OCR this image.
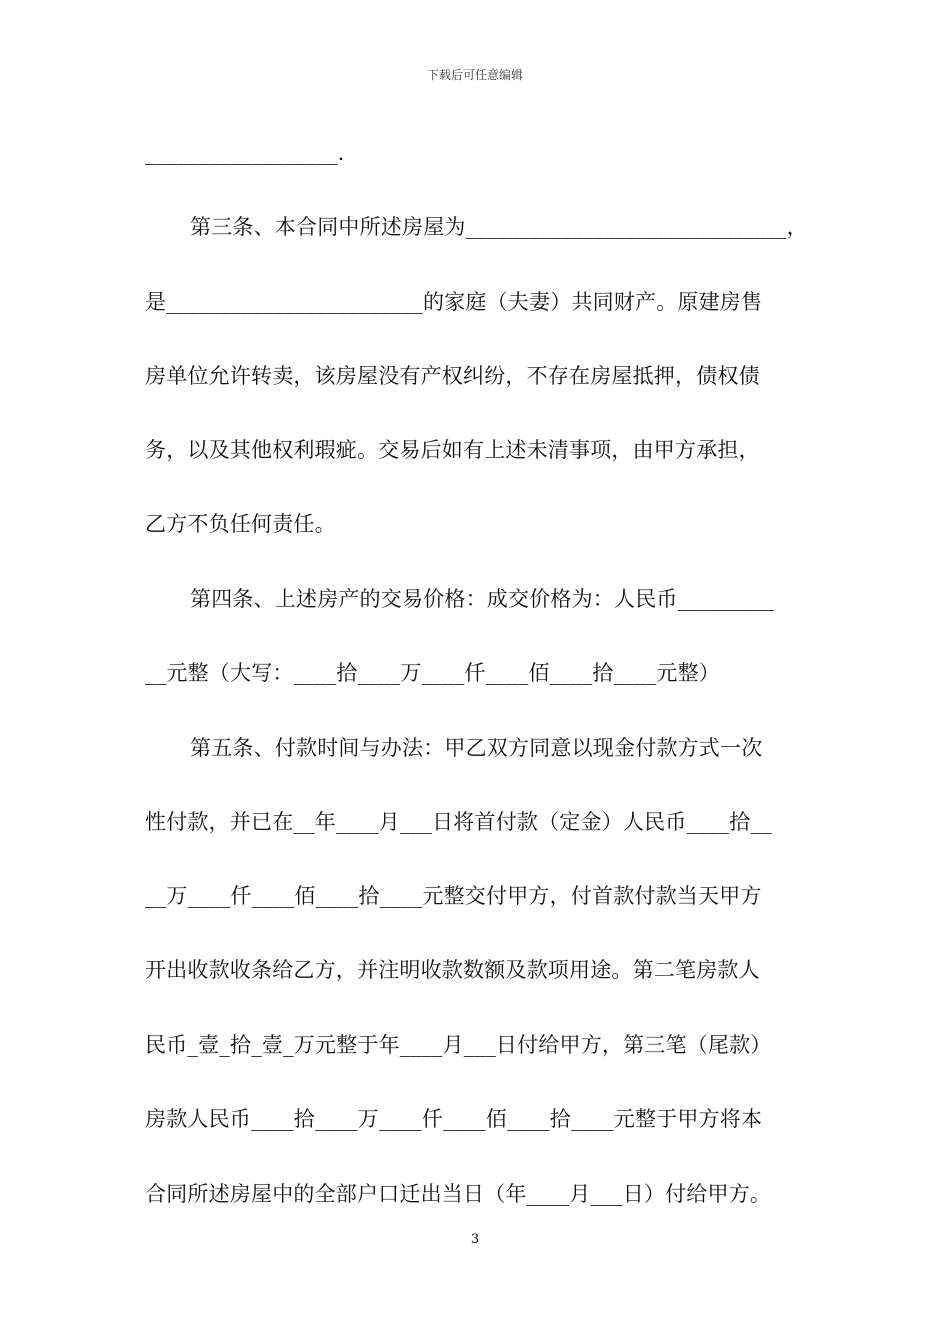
下载后可任意编辑
__________________.
第三条、本合同中所述房屋为______________________________，
是________________________的家庭（夫妻）共同财产。原建房售
房单位允许转卖，该房屋没有产权纠纷，不存在房屋抵押，债权债
务，以及其他权利瑕疵。交易后如有上述未清事项，由甲方承担，
乙方不负任何责任。
第四条、上述房产的交易价格：成交价格为：人民币_________
__元整（大写：____拾____万____仟____佰____拾____元整）
第五条、付款时间与办法：甲乙双方同意以现金付款方式一次
性付款，并已在__年____月___日将首付款（定金）人民币____拾__
__万____仟____佰____拾____元整交付甲方，付首款付款当天甲方
开出收款收条给乙方，并注明收款数额及款项用途。第二笔房款人
民币_壹_拾_壹_万元整于年____月___日付给甲方，第三笔（尾款）
房款人民币____拾____万____仟____佰____拾____元整于甲方将本
合同所述房屋中的全部户口迁出当日（年____月___日）付给甲方。
3
